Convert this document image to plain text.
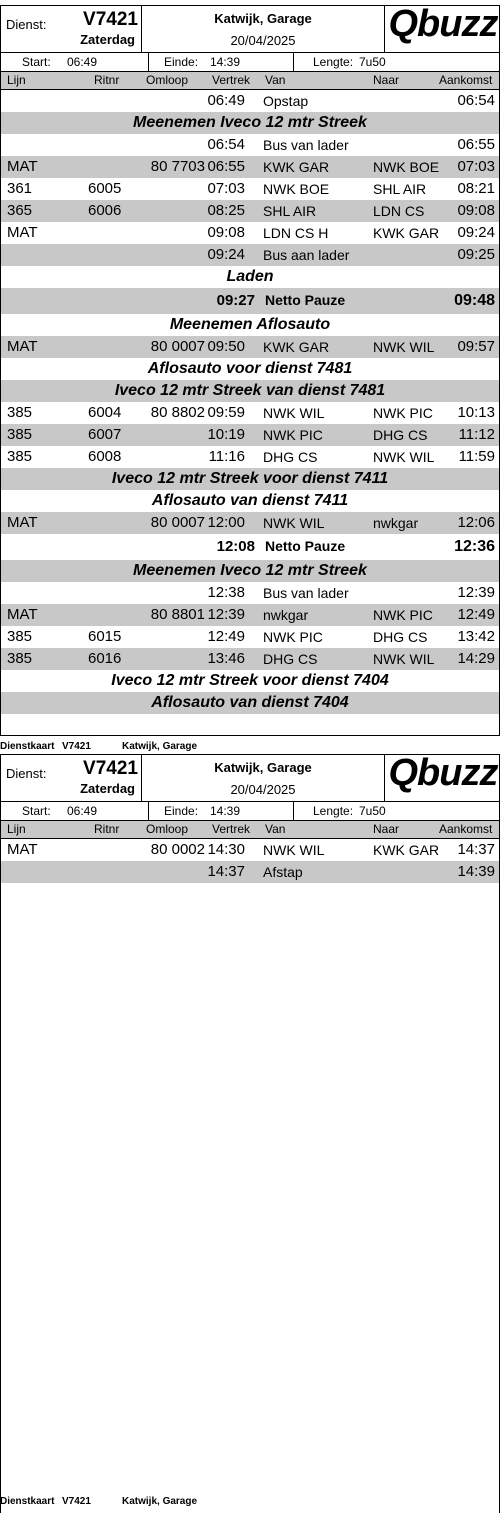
Dienst: V7421
Zaterdag
Katwijk, Garage
20/04/2025	Qbuzz
Start: 06:49	Einde: 14:39	Lengte: 7u50
Lijn	Ritnr Omloop Vertrek Van	Naar	Aankomst
06:49 Opstap	06:54
Meenemen Iveco 12 mtr Streek
06:54 Bus van lader	06:55
MAT	80 7703 06:55 KWK GAR	NWK BOE 07:03
361	6005	07:03 NWK BOE	SHL AIR 08:21
365	6006	08:25 SHL AIR	LDN CS 09:08
MAT	09:08 LDN CS H	KWK GAR 09:24
09:24 Bus aan lader	09:25
Laden
09:27 Netto Pauze	09:48
Meenemen Aflosauto
MAT	80 0007 09:50 KWK GAR	NWK WIL 09:57
Aflosauto voor dienst 7481
Iveco 12 mtr Streek van dienst 7481
385	6004 80 8802 09:59 NWK WIL	NWK PIC 10:13
385	6007	10:19 NWK PIC	DHG CS 11:12
385	6008	11:16 DHG CS	NWK WIL 11:59
Iveco 12 mtr Streek voor dienst 7411
Aflosauto van dienst 7411
MAT	80 0007 12:00 NWK WIL	nwkgar	12:06
12:08 Netto Pauze	12:36
Meenemen Iveco 12 mtr Streek
12:38 Bus van lader	12:39
MAT	80 8801 12:39 nwkgar	NWK PIC 12:49
385	6015	12:49 NWK PIC	DHG CS 13:42
385	6016	13:46 DHG CS	NWK WIL 14:29
Iveco 12 mtr Streek voor dienst 7404
Aflosauto van dienst 7404
Dienstkaart V7421	Katwijk, Garage
Dienst: V7421
Zaterdag
Katwijk, Garage
20/04/2025	Qbuzz
Start: 06:49	Einde: 14:39	Lengte: 7u50
Lijn	Ritnr Omloop Vertrek Van	Naar	Aankomst
MAT	80 0002 14:30 NWK WIL	KWK GAR 14:37
14:37 Afstap	14:39
Dienstkaart V7421	Katwijk, Garage
